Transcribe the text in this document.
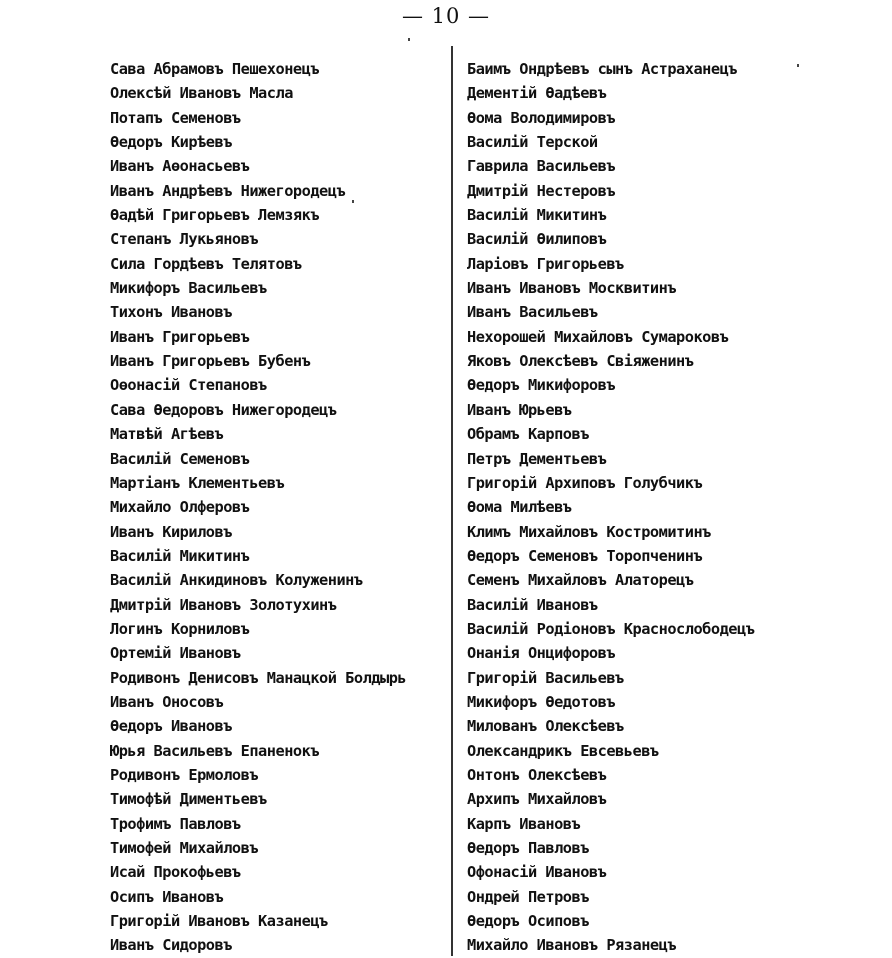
— 10 —
Сава Абрамовъ Пешехонецъ
Олексѣй Ивановъ Масла
Потапъ Семеновъ
Ѳедоръ Кирѣевъ
Иванъ Аѳонасьевъ
Иванъ Андрѣевъ Нижегородецъ
Ѳадѣй Григорьевъ Лемзякъ
Степанъ Лукьяновъ
Сила Гордѣевъ Телятовъ
Микифоръ Васильевъ
Тихонъ Ивановъ
Иванъ Григорьевъ
Иванъ Григорьевъ Бубенъ
Оѳонасій Степановъ
Сава Ѳедоровъ Нижегородецъ
Матвѣй Агѣевъ
Василій Семеновъ
Мартіанъ Клементьевъ
Михайло Олферовъ
Иванъ Кириловъ
Василій Микитинъ
Василій Анкидиновъ Колуженинъ
Дмитрій Ивановъ Золотухинъ
Логинъ Корниловъ
Ортемій Ивановъ
Родивонъ Денисовъ Манацкой Болдырь
Иванъ Оносовъ
Ѳедоръ Ивановъ
Юрья Васильевъ Епаненокъ
Родивонъ Ермоловъ
Тимофѣй Диментьевъ
Трофимъ Павловъ
Тимофей Михайловъ
Исай Прокофьевъ
Осипъ Ивановъ
Григорій Ивановъ Казанецъ
Иванъ Сидоровъ
Баимъ Ондрѣевъ сынъ Астраханецъ
Дементій Ѳадѣевъ
Ѳома Володимировъ
Василій Терской
Гаврила Васильевъ
Дмитрій Нестеровъ
Василій Микитинъ
Василій Ѳилиповъ
Ларіовъ Григорьевъ
Иванъ Ивановъ Москвитинъ
Иванъ Васильевъ
Нехорошей Михайловъ Сумароковъ
Яковъ Олексѣевъ Свіяженинъ
Ѳедоръ Микифоровъ
Иванъ Юрьевъ
Обрамъ Карповъ
Петръ Дементьевъ
Григорій Архиповъ Голубчикъ
Ѳома Милѣевъ
Климъ Михайловъ Костромитинъ
Ѳедоръ Семеновъ Торопченинъ
Семенъ Михайловъ Алаторецъ
Василій Ивановъ
Василій Родіоновъ Краснослободецъ
Онанія Онцифоровъ
Григорій Васильевъ
Микифоръ Ѳедотовъ
Милованъ Олексѣевъ
Олександрикъ Евсевьевъ
Онтонъ Олексѣевъ
Архипъ Михайловъ
Карпъ Ивановъ
Ѳедоръ Павловъ
Офонасій Ивановъ
Ондрей Петровъ
Ѳедоръ Осиповъ
Михайло Ивановъ Рязанецъ
